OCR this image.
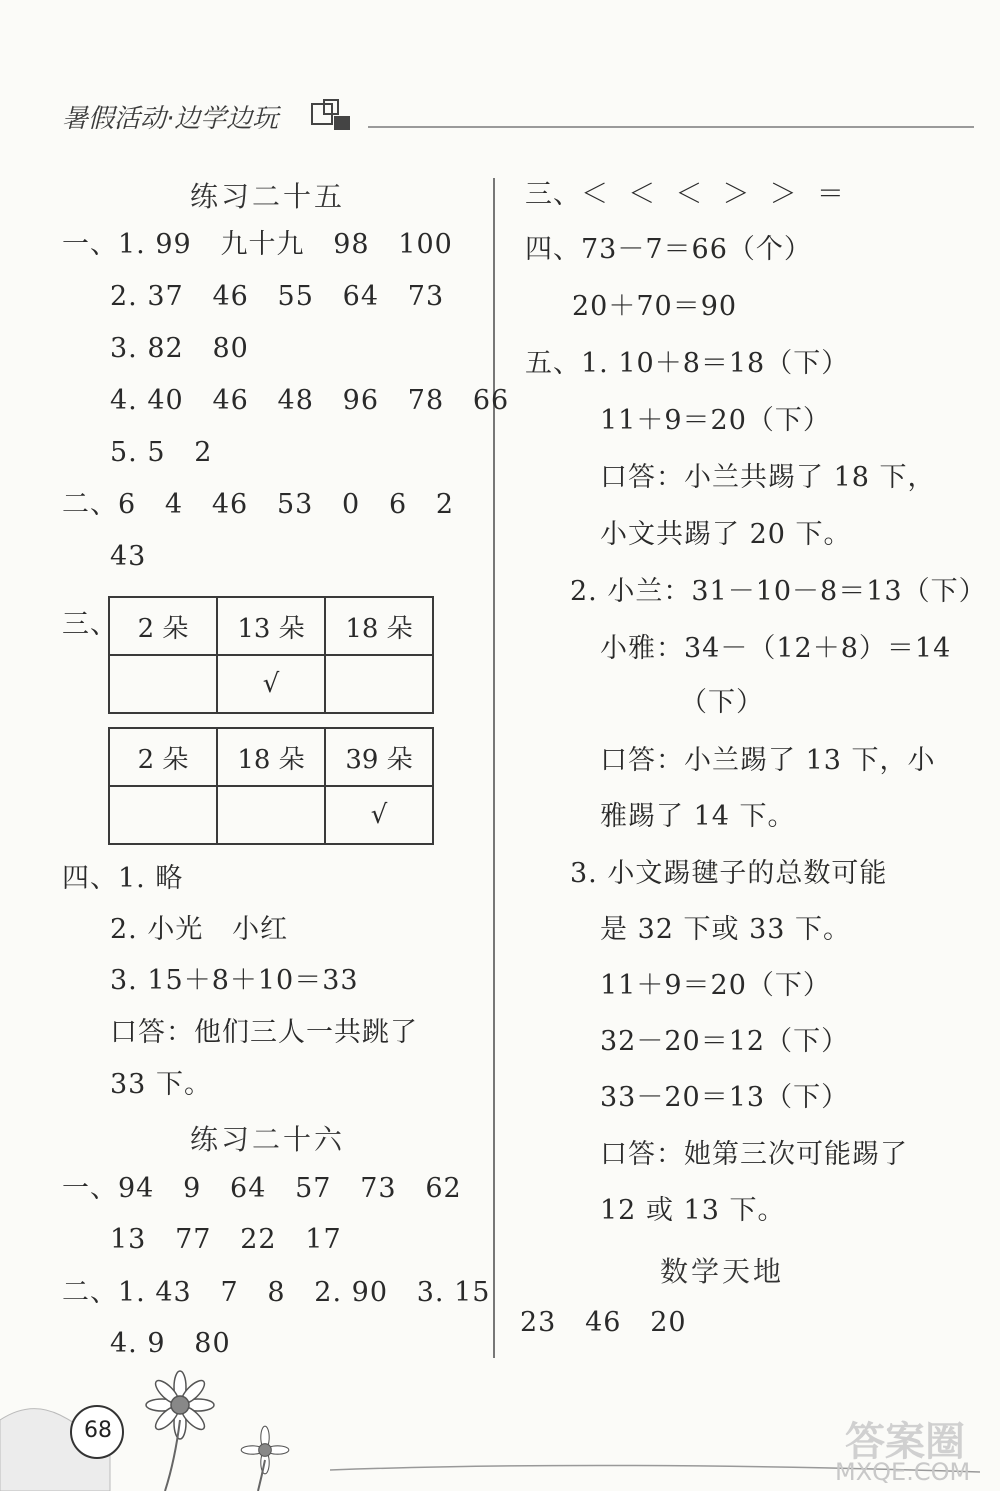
暑假活动·边学边玩
练习二十五
一、1. 99   九十九   98   100
2. 37   46   55   64   73
3. 82   80
4. 40   46   48   96   78   66
5. 5   2
二、6   4   46   53   0   6   2
43
三、 2 朵	13 朵	18 朵
	√	
2 朵	18 朵	39 朵
		√
四、1. 略
2. 小光   小红
3. 15＋8＋10＝33
口答：他们三人一共跳了
33 下。
练习二十六
一、94   9   64   57   73   62
13   77   22   17
二、1. 43   7   8   2. 90   3. 15
4. 9   80
三、＜  ＜  ＜  ＞  ＞  ＝
四、73－7＝66（个）
20＋70＝90
五、1. 10＋8＝18（下）
11＋9＝20（下）
口答：小兰共踢了 18 下，
小文共踢了 20 下。
2. 小兰：31－10－8＝13（下）
小雅：34－（12＋8）＝14
（下）
口答：小兰踢了 13 下，小
雅踢了 14 下。
3. 小文踢毽子的总数可能
是 32 下或 33 下。
11＋9＝20（下）
32－20＝12（下）
33－20＝13（下）
口答：她第三次可能踢了
12 或 13 下。
数学天地
23   46   20
68	答案圈
MXQE.COM
